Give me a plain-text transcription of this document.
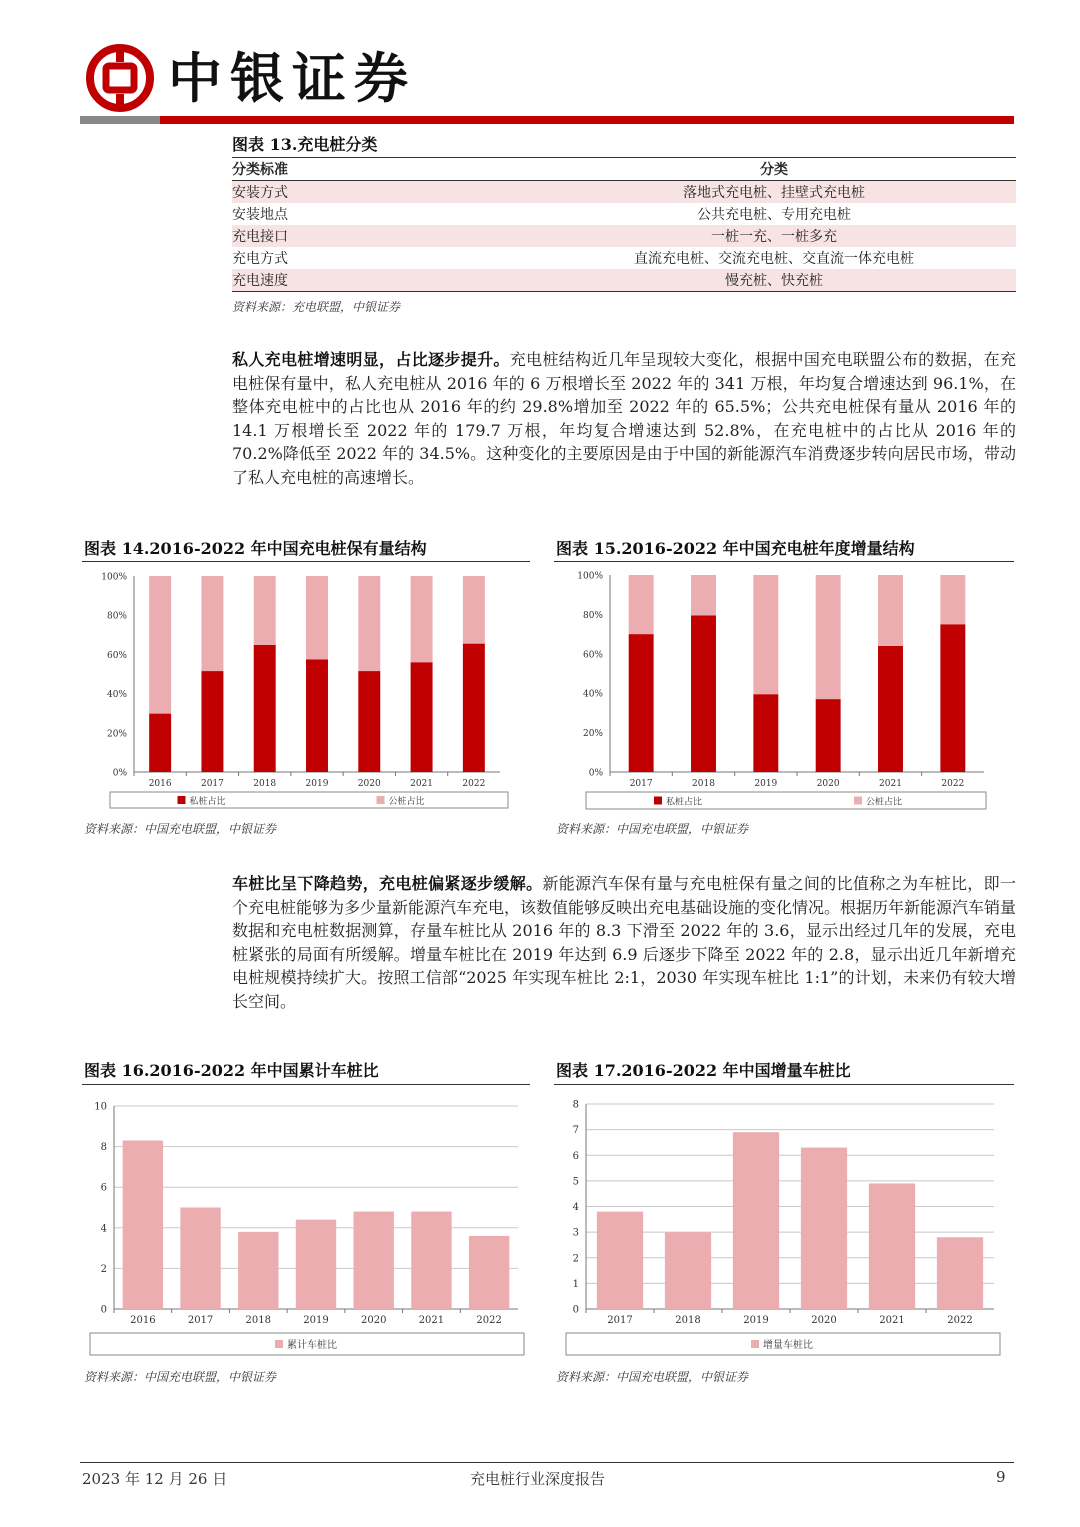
中银证券
图表 13.充电桩分类
分类标准	分类
安装方式	落地式充电桩、挂壁式充电桩
安装地点	公共充电桩、专用充电桩
充电接口	一桩一充、一桩多充
充电方式	直流充电桩、交流充电桩、交直流一体充电桩
充电速度	慢充桩、快充桩
资料来源：充电联盟，中银证券
私人充电桩增速明显，占比逐步提升。充电桩结构近几年呈现较大变化，根据中国充电联盟公布的数据，在充电桩保有量中，私人充电桩从 2016 年的 6 万根增长至 2022 年的 341 万根，年均复合增速达到 96.1%，在整体充电桩中的占比也从 2016 年的约 29.8%增加至 2022 年的 65.5%；公共充电桩保有量从 2016 年的 14.1 万根增长至 2022 年的 179.7 万根，年均复合增速达到 52.8%，在充电桩中的占比从 2016 年的 70.2%降低至 2022 年的 34.5%。这种变化的主要原因是由于中国的新能源汽车消费逐步转向居民市场，带动了私人充电桩的高速增长。
图表 14.2016-2022 年中国充电桩保有量结构
0%
20%
40%
60%
80%
100%
2016	2017	2018	2019	2020	2021	2022
私桩占比	公桩占比
资料来源：中国充电联盟，中银证券
图表 15.2016-2022 年中国充电桩年度增量结构
0%
20%
40%
60%
80%
100%
2017	2018	2019	2020	2021	2022
私桩占比	公桩占比
资料来源：中国充电联盟，中银证券
车桩比呈下降趋势，充电桩偏紧逐步缓解。新能源汽车保有量与充电桩保有量之间的比值称之为车桩比，即一个充电桩能够为多少量新能源汽车充电，该数值能够反映出充电基础设施的变化情况。根据历年新能源汽车销量数据和充电桩数据测算，存量车桩比从 2016 年的 8.3 下滑至 2022 年的 3.6，显示出经过几年的发展，充电桩紧张的局面有所缓解。增量车桩比在 2019 年达到 6.9 后逐步下降至 2022 年的 2.8，显示出近几年新增充电桩规模持续扩大。按照工信部“2025 年实现车桩比 2:1，2030 年实现车桩比 1:1”的计划，未来仍有较大增长空间。
图表 16.2016-2022 年中国累计车桩比
0
2
4
6
8
10
2016	2017	2018	2019	2020	2021	2022
累计车桩比
资料来源：中国充电联盟，中银证券
图表 17.2016-2022 年中国增量车桩比
0
1
2
3
4
5
6
7
8
2017	2018	2019	2020	2021	2022
增量车桩比
资料来源：中国充电联盟，中银证券
2023 年 12 月 26 日	充电桩行业深度报告	9
